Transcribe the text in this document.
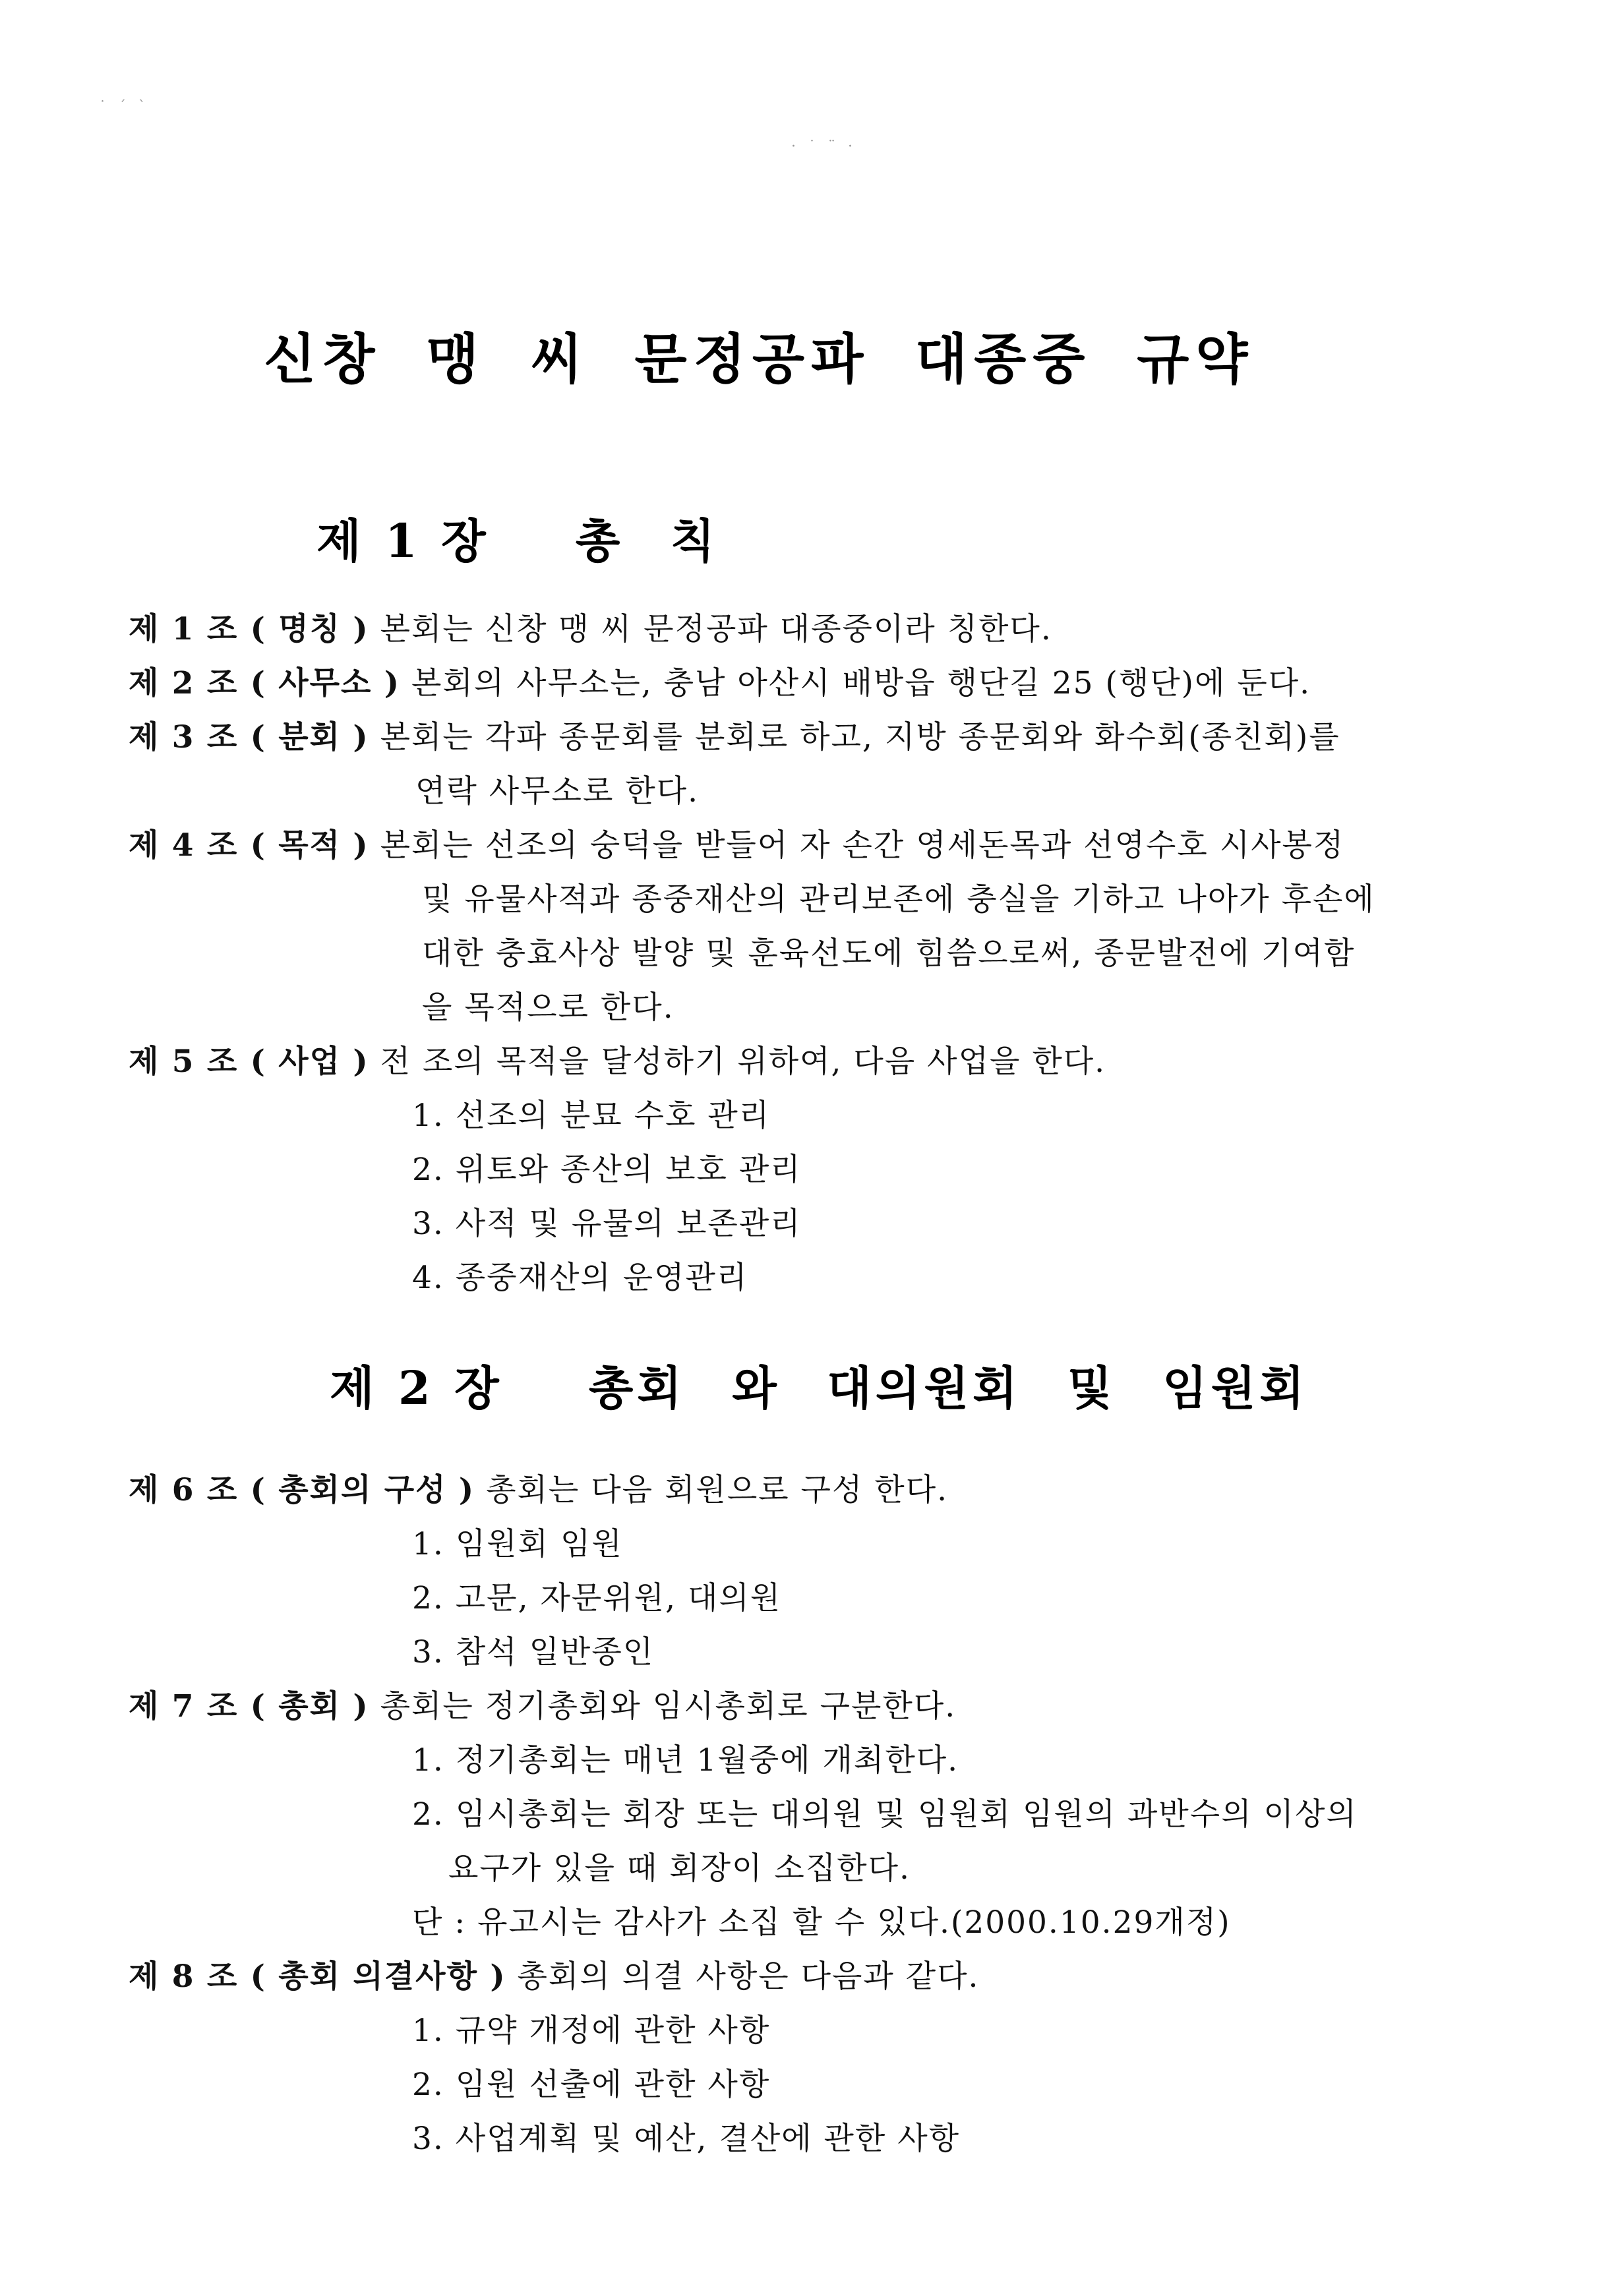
˙ ´ ˋ
· ˙ ¨ ·
신창 맹 씨 문정공파 대종중 규약
제 1 장 총 칙
제 1 조 ( 명칭 ) 본회는 신창 맹 씨 문정공파 대종중이라 칭한다.
제 2 조 ( 사무소 ) 본회의 사무소는, 충남 아산시 배방읍 행단길 25 (행단)에 둔다.
제 3 조 ( 분회 ) 본회는 각파 종문회를 분회로 하고, 지방 종문회와 화수회(종친회)를
연락 사무소로 한다.
제 4 조 ( 목적 ) 본회는 선조의 숭덕을 받들어 자 손간 영세돈목과 선영수호 시사봉정
및 유물사적과 종중재산의 관리보존에 충실을 기하고 나아가 후손에
대한 충효사상 발양 및 훈육선도에 힘씀으로써, 종문발전에 기여함
을 목적으로 한다.
제 5 조 ( 사업 ) 전 조의 목적을 달성하기 위하여, 다음 사업을 한다.
1. 선조의 분묘 수호 관리
2. 위토와 종산의 보호 관리
3. 사적 및 유물의 보존관리
4. 종중재산의 운영관리
제 2 장 총회 와 대의원회 및 임원회
제 6 조 ( 총회의 구성 ) 총회는 다음 회원으로 구성 한다.
1. 임원회 임원
2. 고문, 자문위원, 대의원
3. 참석 일반종인
제 7 조 ( 총회 ) 총회는 정기총회와 임시총회로 구분한다.
1. 정기총회는 매년 1월중에 개최한다.
2. 임시총회는 회장 또는 대의원 및 임원회 임원의 과반수의 이상의
요구가 있을 때 회장이 소집한다.
단 : 유고시는 감사가 소집 할 수 있다.(2000.10.29개정)
제 8 조 ( 총회 의결사항 ) 총회의 의결 사항은 다음과 같다.
1. 규약 개정에 관한 사항
2. 임원 선출에 관한 사항
3. 사업계획 및 예산, 결산에 관한 사항
